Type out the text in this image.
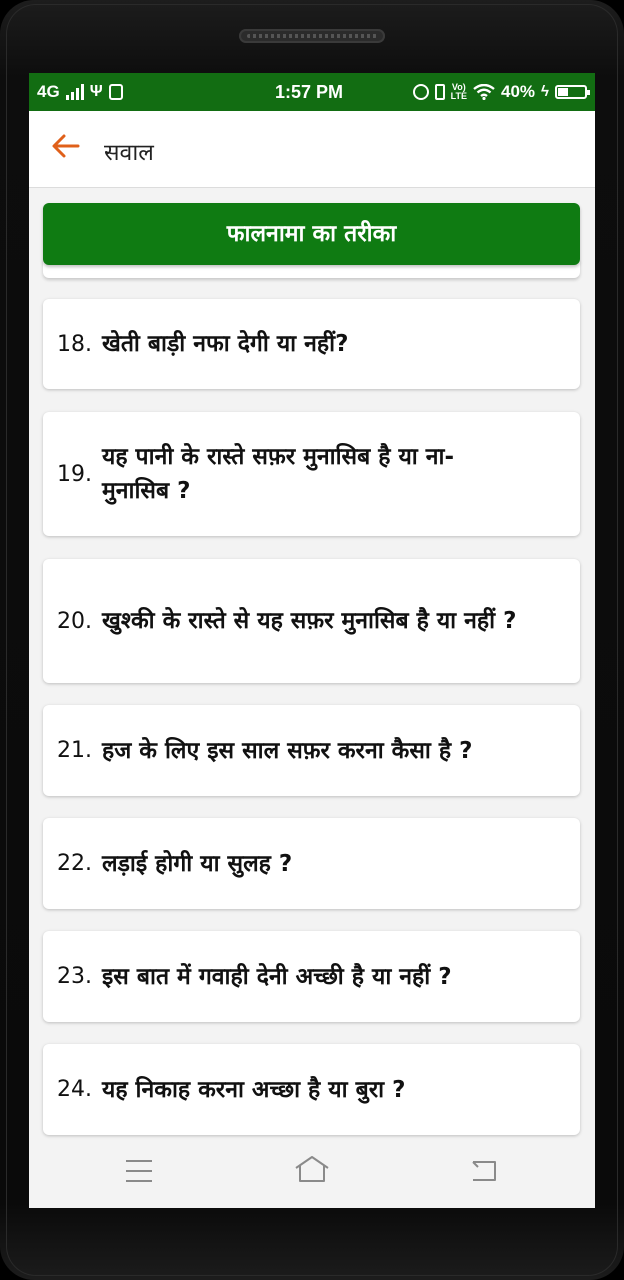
4G Ψ	1:57 PM	Vo)
LTE 40% ϟ
सवाल
फालनामा का तरीका
18. खेती बाड़ी नफा देगी या नहीं?
19.
यह पानी के रास्ते सफ़र मुनासिब है या ना-मुनासिब ?
20. खुश्की के रास्ते से यह सफ़र मुनासिब है या नहीं ?
21. हज के लिए इस साल सफ़र करना कैसा है ?
22. लड़ाई होगी या सुलह ?
23. इस बात में गवाही देनी अच्छी है या नहीं ?
24. यह निकाह करना अच्छा है या बुरा ?
